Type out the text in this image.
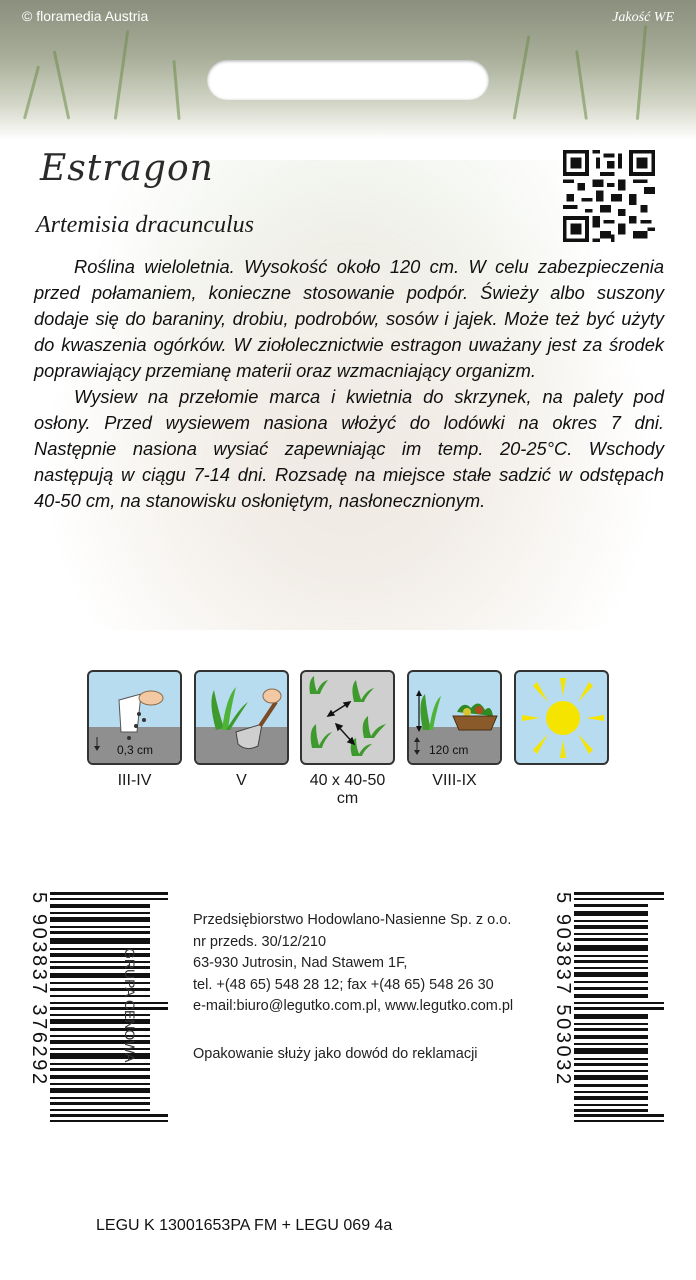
© floramedia Austria	Jakość WE
Estragon
Artemisia dracunculus

Roślina wieloletnia. Wysokość około 120 cm. W celu zabezpieczenia przed połamaniem, konieczne stosowanie podpór. Świeży albo suszony dodaje się do baraniny, drobiu, podrobów, sosów i jajek. Może też być użyty do kwaszenia ogórków. W ziołolecznictwie estragon uważany jest za środek poprawiający przemianę materii oraz wzmacniający organizm.

Wysiew na przełomie marca i kwietnia do skrzynek, na palety pod osłony. Przed wysiewem nasiona włożyć do lodówki na okres 7 dni. Następnie nasiona wysiać zapewniając im temp. 20-25°C. Wschody następują w ciągu 7-14 dni. Rozsadę na miejsce stałe sadzić w odstępach 40-50 cm, na stanowisku osłoniętym, nasłonecznionym.

0,3 cm
III-IV	V	40 x 40-50 cm
120 cm
VIII-IX
5 903837 376292	GRUPA CENOWA
Przedsiębiorstwo Hodowlano-Nasienne Sp. z o.o.
nr przeds. 30/12/210
63-930 Jutrosin, Nad Stawem 1F,
tel. +(48 65) 548 28 12; fax +(48 65) 548 26 30
e-mail:biuro@legutko.com.pl, www.legutko.com.pl
Opakowanie służy jako dowód do reklamacji	5 903837 503032
LEGU K 13001653PA FM + LEGU 069 4a
